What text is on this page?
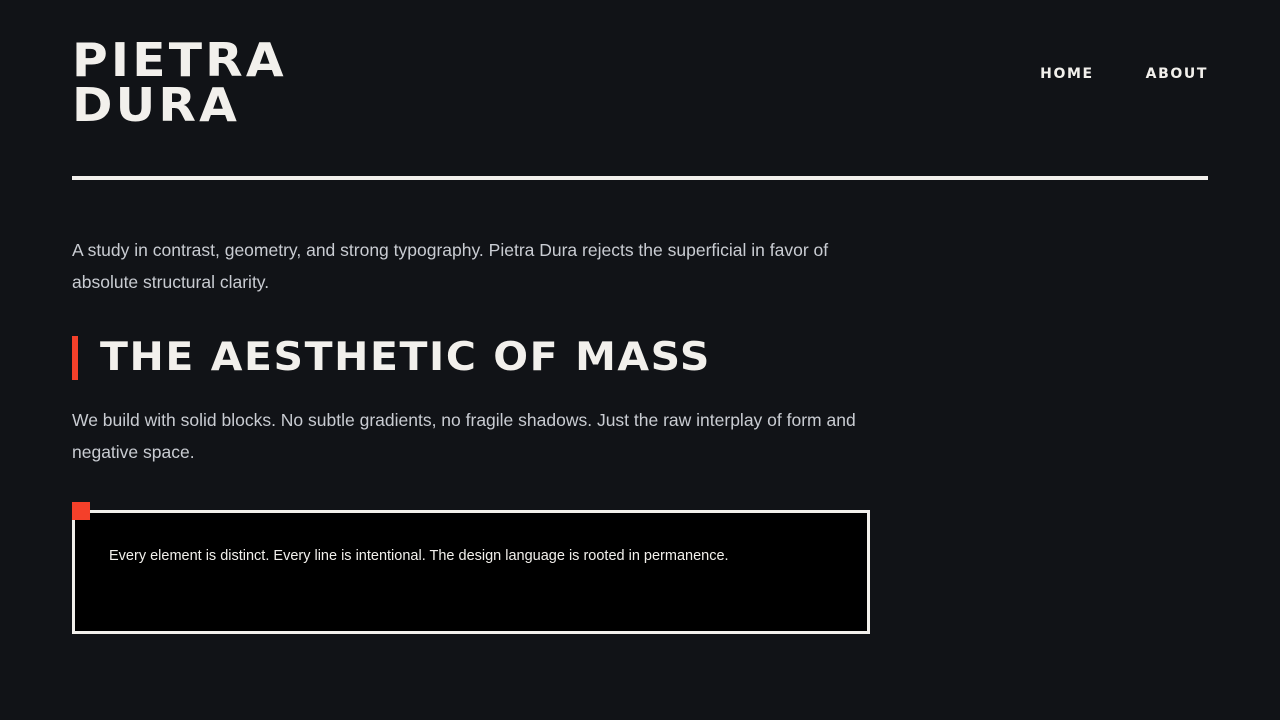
PIETRA
DURA
HOME	ABOUT

A study in contrast, geometry, and strong typography. Pietra Dura rejects the superficial in favor of absolute structural clarity.

THE AESTHETIC OF MASS

We build with solid blocks. No subtle gradients, no fragile shadows. Just the raw interplay of form and negative space.

Every element is distinct. Every line is intentional. The design language is rooted in permanence.
